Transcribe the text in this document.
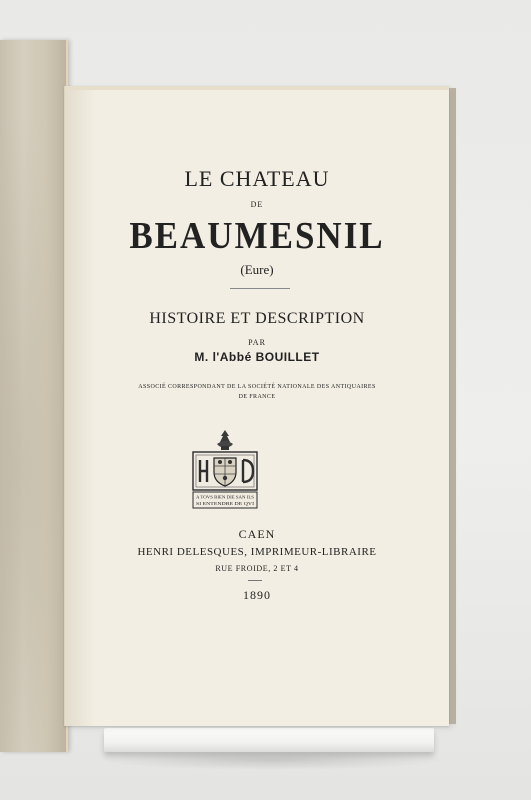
LE CHATEAU
DE
BEAUMESNIL
(Eure)
HISTOIRE ET DESCRIPTION
PAR
M. l'Abbé BOUILLET
ASSOCIÉ CORRESPONDANT DE LA SOCIÉTÉ NATIONALE DES ANTIQUAIRES
DE FRANCE
A TOVS BIEN DIE SAN ILS
SI ENTENDRE DE QVI
CAEN
HENRI DELESQUES, IMPRIMEUR-LIBRAIRE
RUE FROIDE, 2 ET 4
1890
